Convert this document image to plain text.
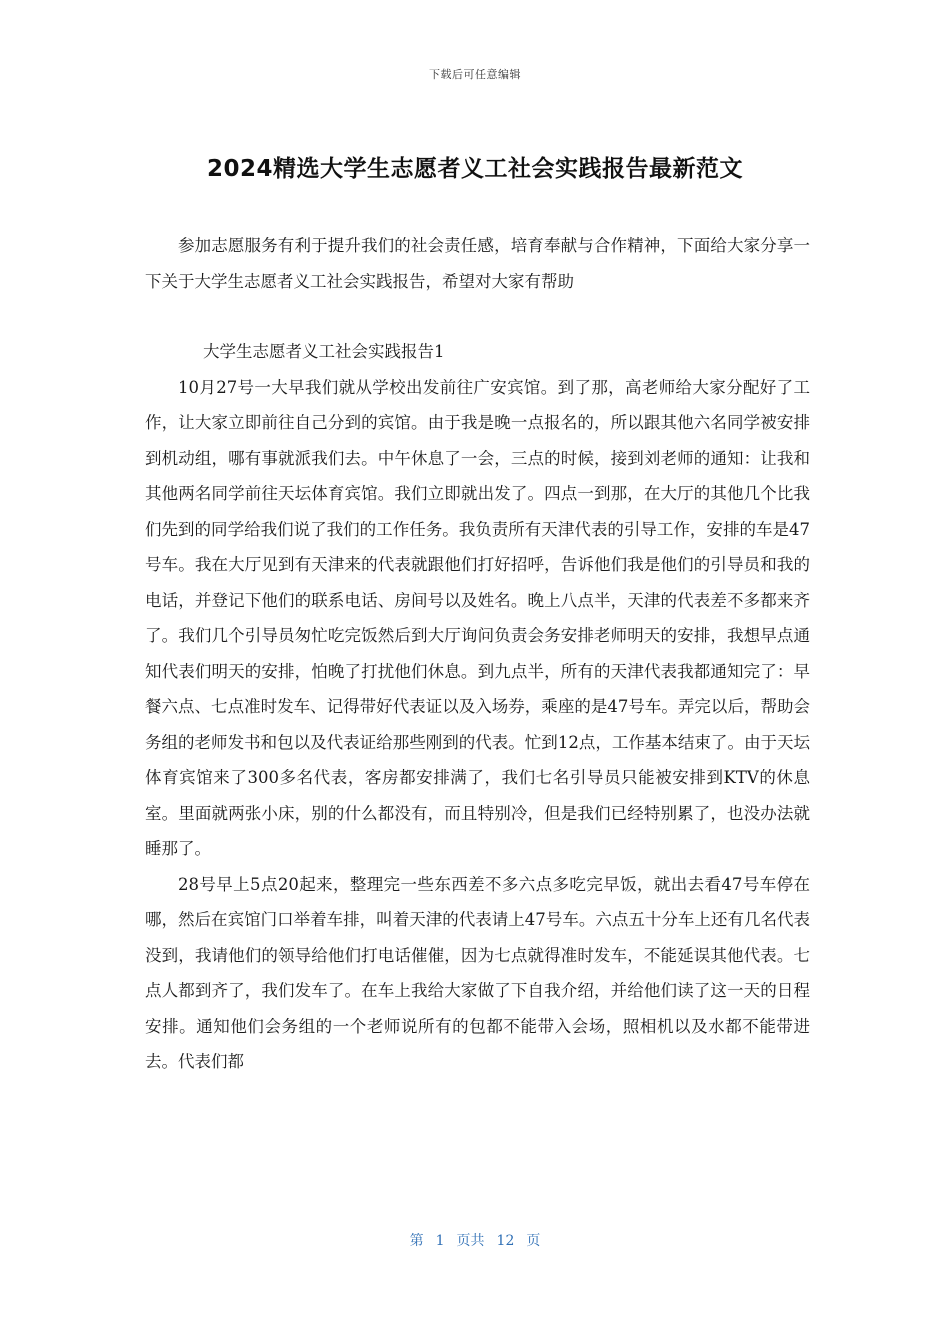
下载后可任意编辑
2024精选大学生志愿者义工社会实践报告最新范文

参加志愿服务有利于提升我们的社会责任感，培育奉献与合作精神，下面给大家分享一下关于大学生志愿者义工社会实践报告，希望对大家有帮助

大学生志愿者义工社会实践报告1

10月27号一大早我们就从学校出发前往广安宾馆。到了那，高老师给大家分配好了工作，让大家立即前往自己分到的宾馆。由于我是晚一点报名的，所以跟其他六名同学被安排到机动组，哪有事就派我们去。中午休息了一会，三点的时候，接到刘老师的通知：让我和其他两名同学前往天坛体育宾馆。我们立即就出发了。四点一到那，在大厅的其他几个比我们先到的同学给我们说了我们的工作任务。我负责所有天津代表的引导工作，安排的车是47号车。我在大厅见到有天津来的代表就跟他们打好招呼，告诉他们我是他们的引导员和我的电话，并登记下他们的联系电话、房间号以及姓名。晚上八点半，天津的代表差不多都来齐了。我们几个引导员匆忙吃完饭然后到大厅询问负责会务安排老师明天的安排，我想早点通知代表们明天的安排，怕晚了打扰他们休息。到九点半，所有的天津代表我都通知完了：早餐六点、七点准时发车、记得带好代表证以及入场券，乘座的是47号车。弄完以后，帮助会务组的老师发书和包以及代表证给那些刚到的代表。忙到12点，工作基本结束了。由于天坛体育宾馆来了300多名代表，客房都安排满了，我们七名引导员只能被安排到KTV的休息室。里面就两张小床，别的什么都没有，而且特别冷，但是我们已经特别累了，也没办法就睡那了。

28号早上5点20起来，整理完一些东西差不多六点多吃完早饭，就出去看47号车停在哪，然后在宾馆门口举着车排，叫着天津的代表请上47号车。六点五十分车上还有几名代表没到，我请他们的领导给他们打电话催催，因为七点就得准时发车，不能延误其他代表。七点人都到齐了，我们发车了。在车上我给大家做了下自我介绍，并给他们读了这一天的日程安排。通知他们会务组的一个老师说所有的包都不能带入会场，照相机以及水都不能带进去。代表们都

第 1 页共 12 页
